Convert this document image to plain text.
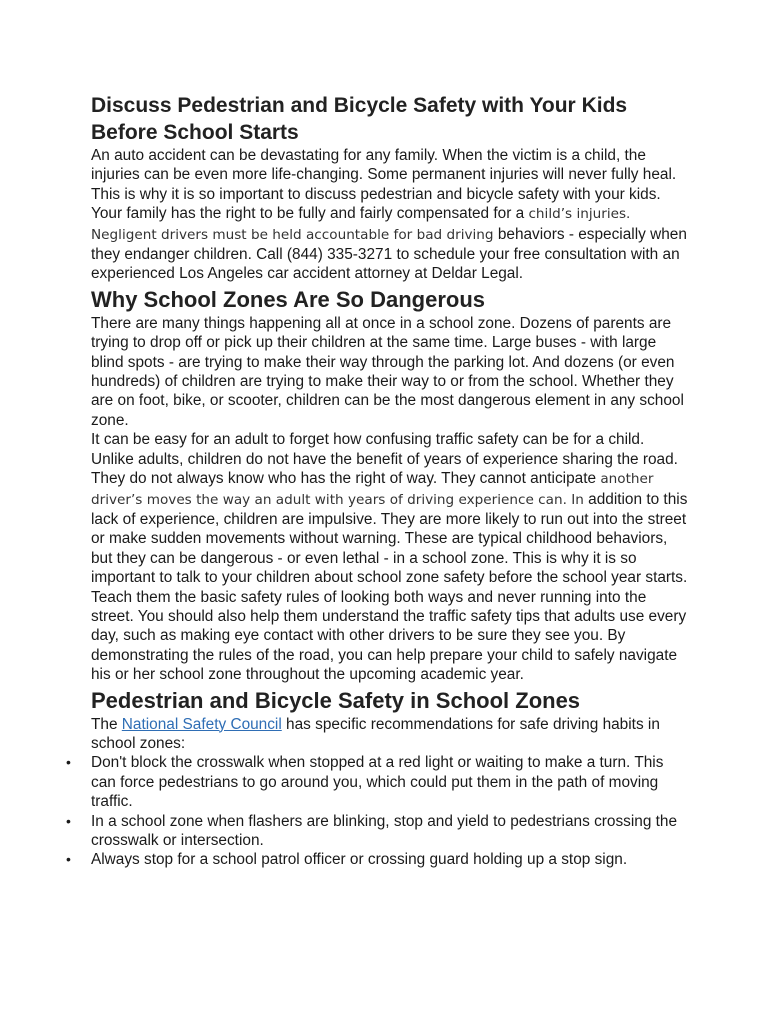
Discuss Pedestrian and Bicycle Safety with Your Kids Before School Starts

An auto accident can be devastating for any family. When the victim is a child, the injuries can be even more life-changing. Some permanent injuries will never fully heal. This is why it is so important to discuss pedestrian and bicycle safety with your kids. Your family has the right to be fully and fairly compensated for a child’s injuries. Negligent drivers must be held accountable for bad driving behaviors - especially when they endanger children. Call (844) 335-3271 to schedule your free consultation with an experienced Los Angeles car accident attorney at Deldar Legal.

Why School Zones Are So Dangerous

There are many things happening all at once in a school zone. Dozens of parents are trying to drop off or pick up their children at the same time. Large buses - with large blind spots - are trying to make their way through the parking lot. And dozens (or even hundreds) of children are trying to make their way to or from the school. Whether they are on foot, bike, or scooter, children can be the most dangerous element in any school zone.

It can be easy for an adult to forget how confusing traffic safety can be for a child. Unlike adults, children do not have the benefit of years of experience sharing the road. They do not always know who has the right of way. They cannot anticipate another driver’s moves the way an adult with years of driving experience can. In addition to this lack of experience, children are impulsive. They are more likely to run out into the street or make sudden movements without warning. These are typical childhood behaviors, but they can be dangerous - or even lethal - in a school zone. This is why it is so important to talk to your children about school zone safety before the school year starts. Teach them the basic safety rules of looking both ways and never running into the street. You should also help them understand the traffic safety tips that adults use every day, such as making eye contact with other drivers to be sure they see you. By demonstrating the rules of the road, you can help prepare your child to safely navigate his or her school zone throughout the upcoming academic year.

Pedestrian and Bicycle Safety in School Zones

The National Safety Council has specific recommendations for safe driving habits in school zones:

• Don't block the crosswalk when stopped at a red light or waiting to make a turn. This can force pedestrians to go around you, which could put them in the path of moving traffic.
• In a school zone when flashers are blinking, stop and yield to pedestrians crossing the crosswalk or intersection.
• Always stop for a school patrol officer or crossing guard holding up a stop sign.
